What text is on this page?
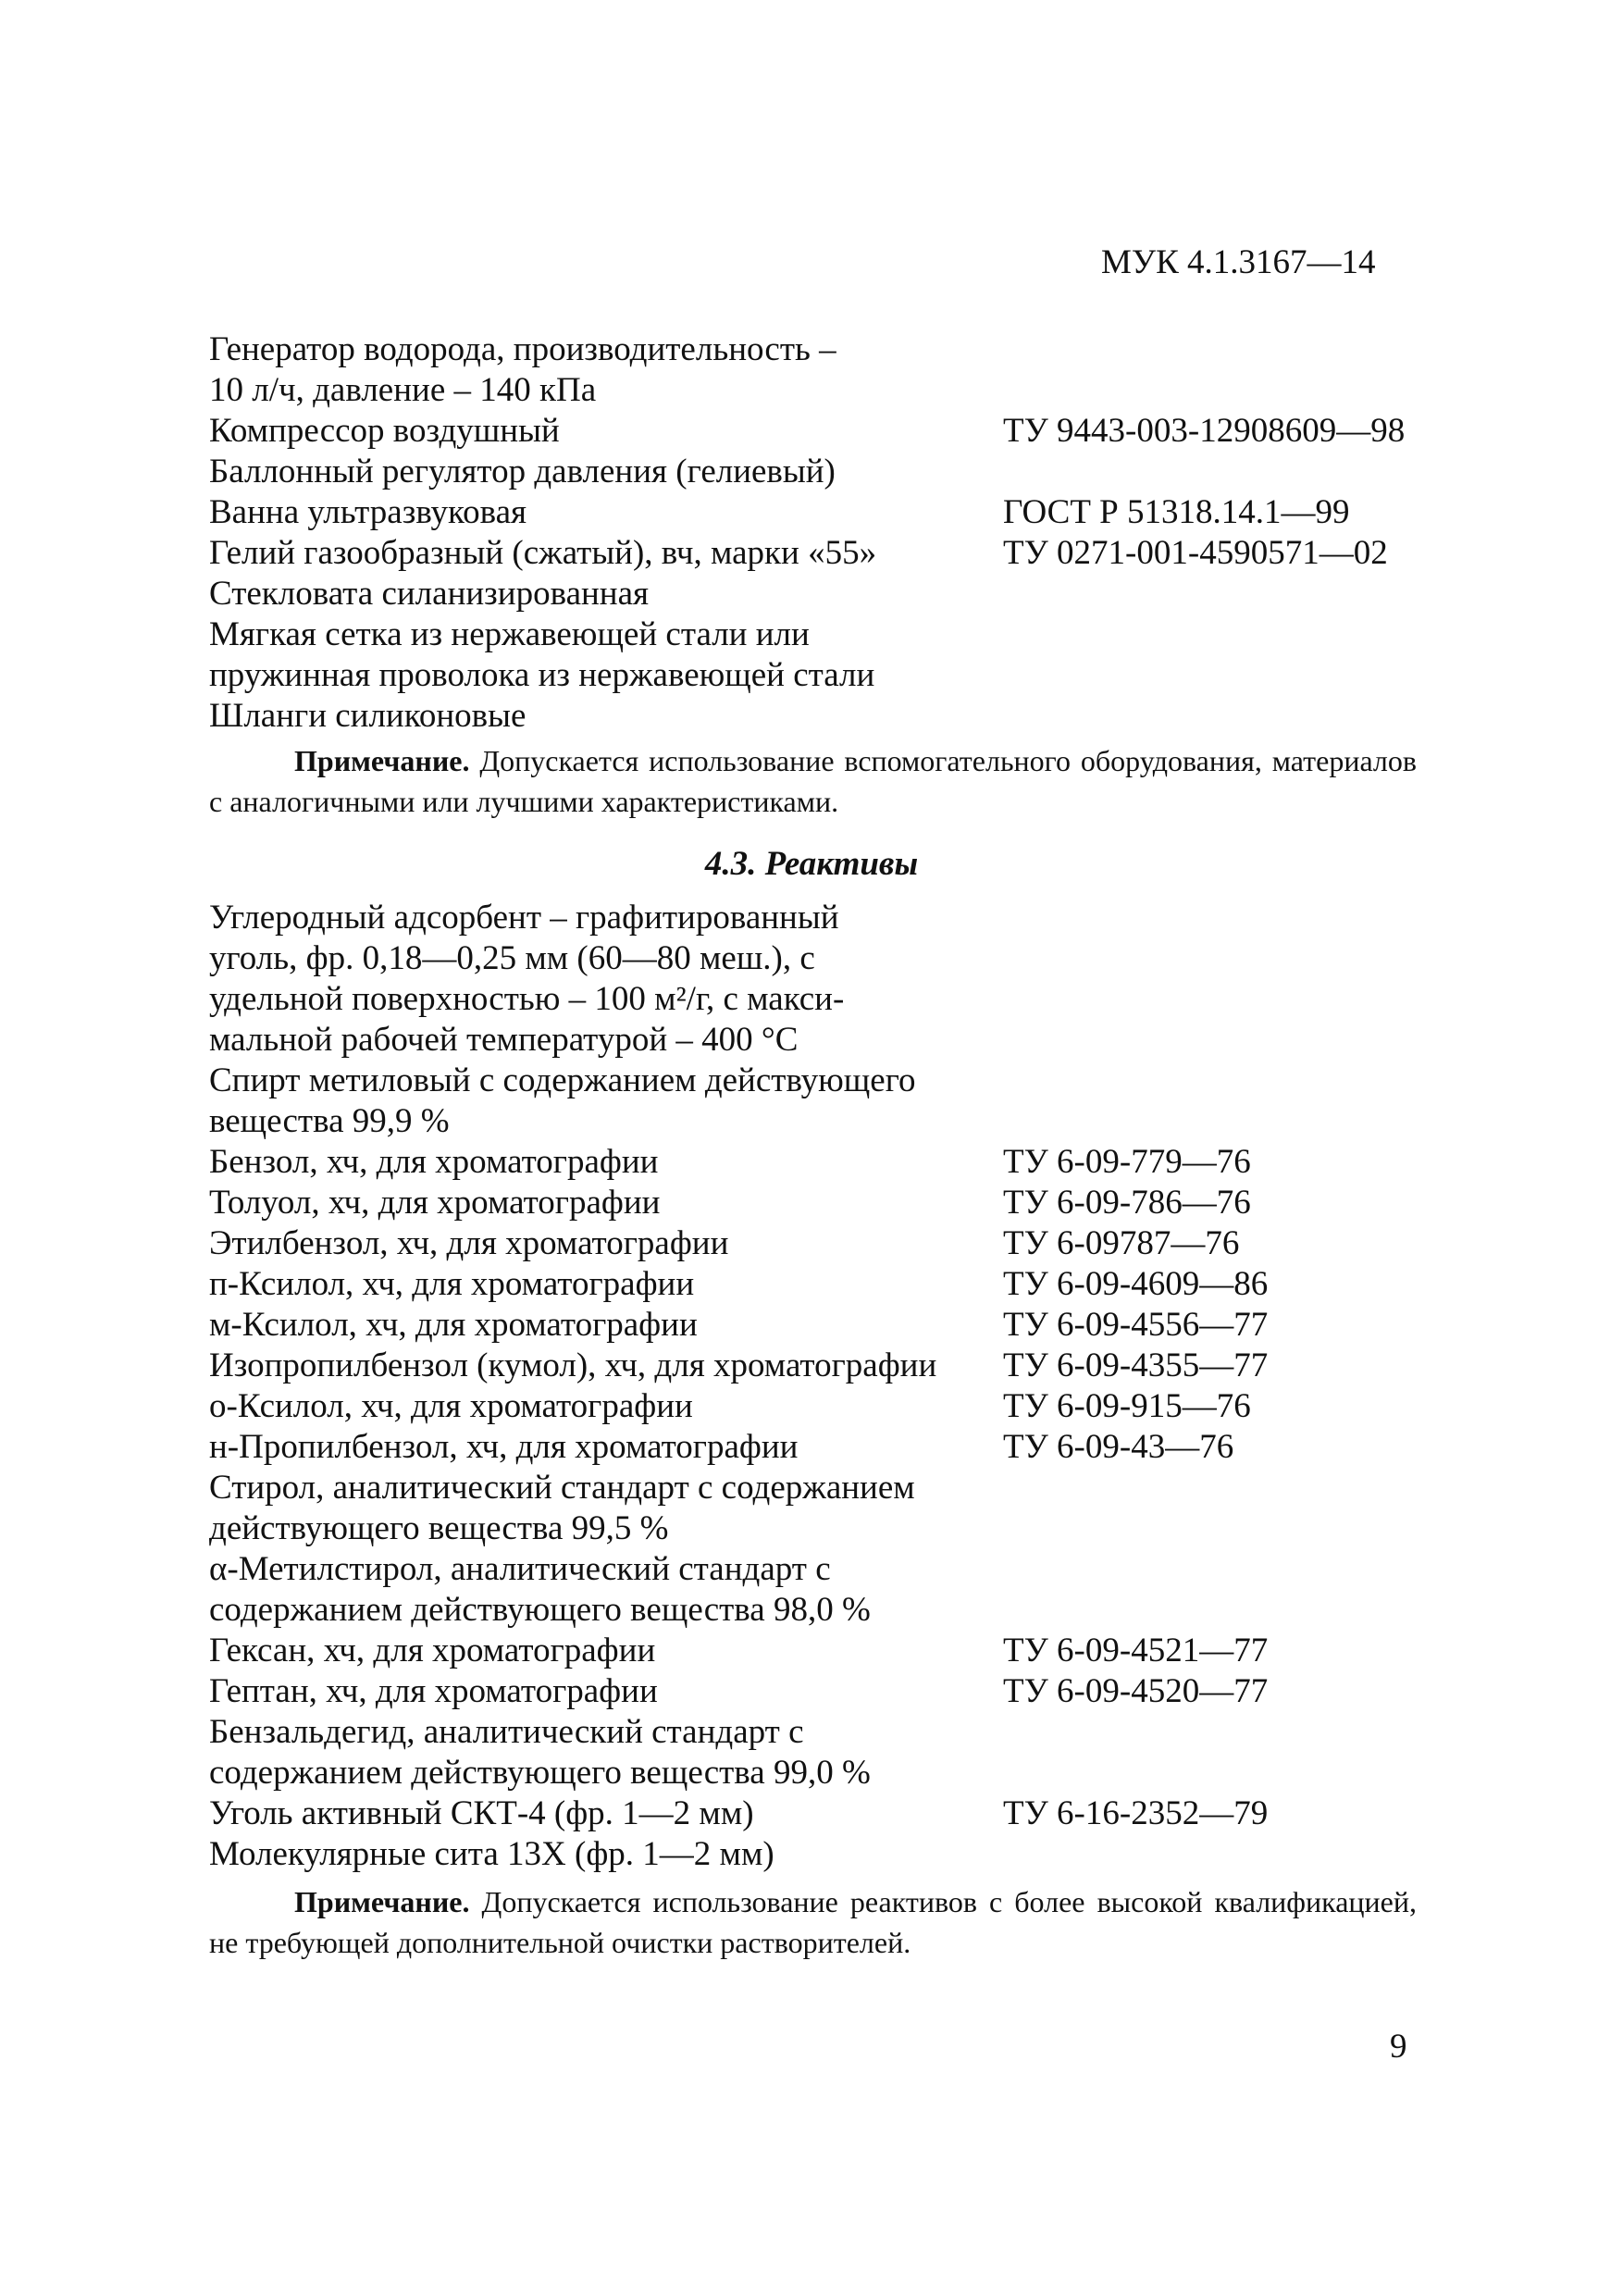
МУК 4.1.3167—14
Генератор водорода, производительность –
10 л/ч, давление – 140 кПа
Компрессор воздушный	ТУ 9443-003-12908609—98
Баллонный регулятор давления (гелиевый)
Ванна ультразвуковая	ГОСТ Р 51318.14.1—99
Гелий газообразный (сжатый), вч, марки «55»	ТУ 0271-001-4590571—02
Стекловата силанизированная
Мягкая сетка из нержавеющей стали или
пружинная проволока из нержавеющей стали
Шланги силиконовые
Примечание. Допускается использование вспомогательного оборудования, материалов с аналогичными или лучшими характеристиками.
4.3. Реактивы
Углеродный адсорбент – графитированный
уголь, фр. 0,18—0,25 мм (60—80 меш.), с
удельной поверхностью – 100 м²/г, с макси-
мальной рабочей температурой – 400 °С
Спирт метиловый с содержанием действующего
вещества 99,9 %
Бензол, хч, для хроматографии	ТУ 6-09-779—76
Толуол, хч, для хроматографии	ТУ 6-09-786—76
Этилбензол, хч, для хроматографии	ТУ 6-09787—76
п-Ксилол, хч, для хроматографии	ТУ 6-09-4609—86
м-Ксилол, хч, для хроматографии	ТУ 6-09-4556—77
Изопропилбензол (кумол), хч, для хроматографии ТУ 6-09-4355—77
о-Ксилол, хч, для хроматографии	ТУ 6-09-915—76
н-Пропилбензол, хч, для хроматографии	ТУ 6-09-43—76
Стирол, аналитический стандарт с содержанием
действующего вещества 99,5 %
α-Метилстирол, аналитический стандарт с
содержанием действующего вещества 98,0 %
Гексан, хч, для хроматографии	ТУ 6-09-4521—77
Гептан, хч, для хроматографии	ТУ 6-09-4520—77
Бензальдегид, аналитический стандарт с
содержанием действующего вещества 99,0 %
Уголь активный СКТ-4 (фр. 1—2 мм)	ТУ 6-16-2352—79
Молекулярные сита 13Х (фр. 1—2 мм)
Примечание. Допускается использование реактивов с более высокой квалификацией, не требующей дополнительной очистки растворителей.
9
